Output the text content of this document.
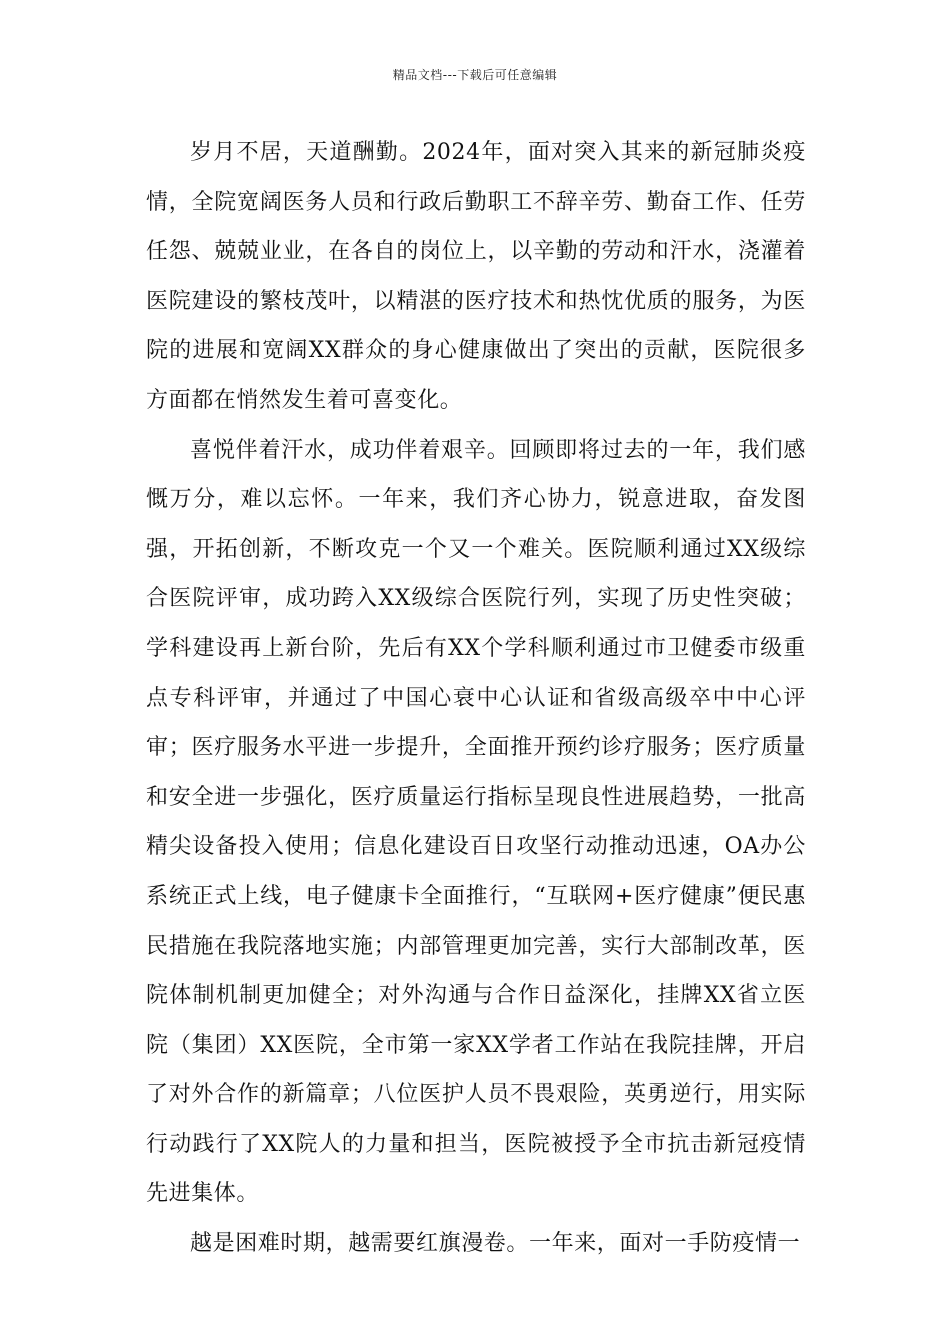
精品文档---下载后可任意编辑

岁月不居，天道酬勤。2024年，面对突入其来的新冠肺炎疫情，全院宽阔医务人员和行政后勤职工不辞辛劳、勤奋工作、任劳任怨、兢兢业业，在各自的岗位上，以辛勤的劳动和汗水，浇灌着医院建设的繁枝茂叶，以精湛的医疗技术和热忱优质的服务，为医院的进展和宽阔XX群众的身心健康做出了突出的贡献，医院很多方面都在悄然发生着可喜变化。

喜悦伴着汗水，成功伴着艰辛。回顾即将过去的一年，我们感慨万分，难以忘怀。一年来，我们齐心协力，锐意进取，奋发图强，开拓创新，不断攻克一个又一个难关。医院顺利通过XX级综合医院评审，成功跨入XX级综合医院行列，实现了历史性突破；学科建设再上新台阶，先后有XX个学科顺利通过市卫健委市级重点专科评审，并通过了中国心衰中心认证和省级高级卒中中心评审；医疗服务水平进一步提升，全面推开预约诊疗服务；医疗质量和安全进一步强化，医疗质量运行指标呈现良性进展趋势，一批高精尖设备投入使用；信息化建设百日攻坚行动推动迅速，OA办公系统正式上线，电子健康卡全面推行，“互联网+医疗健康”便民惠民措施在我院落地实施；内部管理更加完善，实行大部制改革，医院体制机制更加健全；对外沟通与合作日益深化，挂牌XX省立医院（集团）XX医院，全市第一家XX学者工作站在我院挂牌，开启了对外合作的新篇章；八位医护人员不畏艰险，英勇逆行，用实际行动践行了XX院人的力量和担当，医院被授予全市抗击新冠疫情先进集体。

越是困难时期，越需要红旗漫卷。一年来，面对一手防疫情一
